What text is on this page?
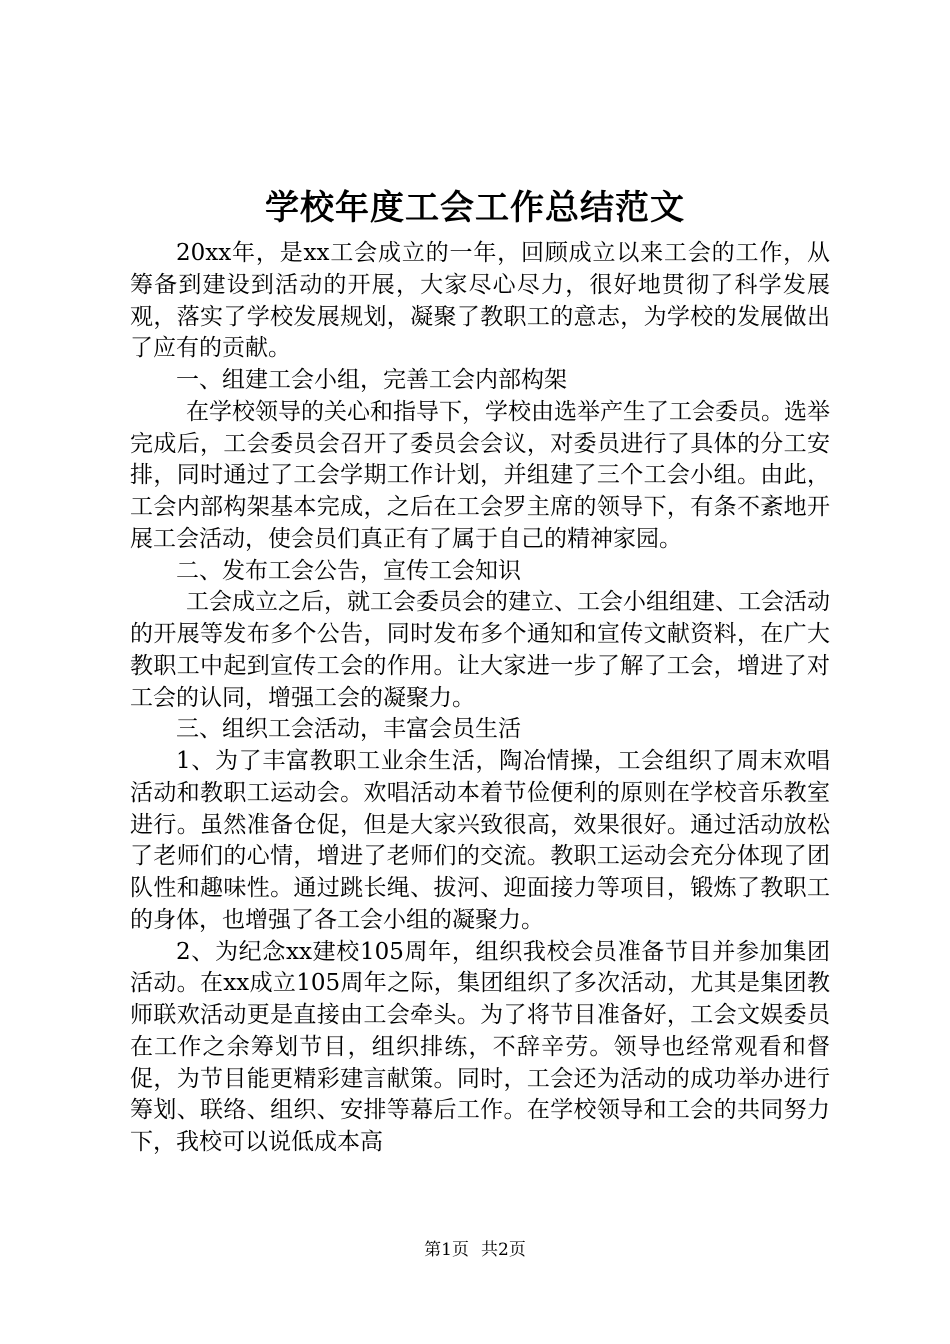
学校年度工会工作总结范文

20xx年，是xx工会成立的一年，回顾成立以来工会的工作，从筹备到建设到活动的开展，大家尽心尽力，很好地贯彻了科学发展观，落实了学校发展规划，凝聚了教职工的意志，为学校的发展做出了应有的贡献。

一、组建工会小组，完善工会内部构架

在学校领导的关心和指导下，学校由选举产生了工会委员。选举完成后，工会委员会召开了委员会会议，对委员进行了具体的分工安排，同时通过了工会学期工作计划，并组建了三个工会小组。由此，工会内部构架基本完成，之后在工会罗主席的领导下，有条不紊地开展工会活动，使会员们真正有了属于自己的精神家园。

二、发布工会公告，宣传工会知识

工会成立之后，就工会委员会的建立、工会小组组建、工会活动的开展等发布多个公告，同时发布多个通知和宣传文献资料，在广大教职工中起到宣传工会的作用。让大家进一步了解了工会，增进了对工会的认同，增强工会的凝聚力。

三、组织工会活动，丰富会员生活

1、为了丰富教职工业余生活，陶冶情操，工会组织了周末欢唱活动和教职工运动会。欢唱活动本着节俭便利的原则在学校音乐教室进行。虽然准备仓促，但是大家兴致很高，效果很好。通过活动放松了老师们的心情，增进了老师们的交流。教职工运动会充分体现了团队性和趣味性。通过跳长绳、拔河、迎面接力等项目，锻炼了教职工的身体，也增强了各工会小组的凝聚力。

2、为纪念xx建校105周年，组织我校会员准备节目并参加集团活动。在xx成立105周年之际，集团组织了多次活动，尤其是集团教师联欢活动更是直接由工会牵头。为了将节目准备好，工会文娱委员在工作之余筹划节目，组织排练，不辞辛劳。领导也经常观看和督促，为节目能更精彩建言献策。同时，工会还为活动的成功举办进行筹划、联络、组织、安排等幕后工作。在学校领导和工会的共同努力下，我校可以说低成本高

第1页 共2页
